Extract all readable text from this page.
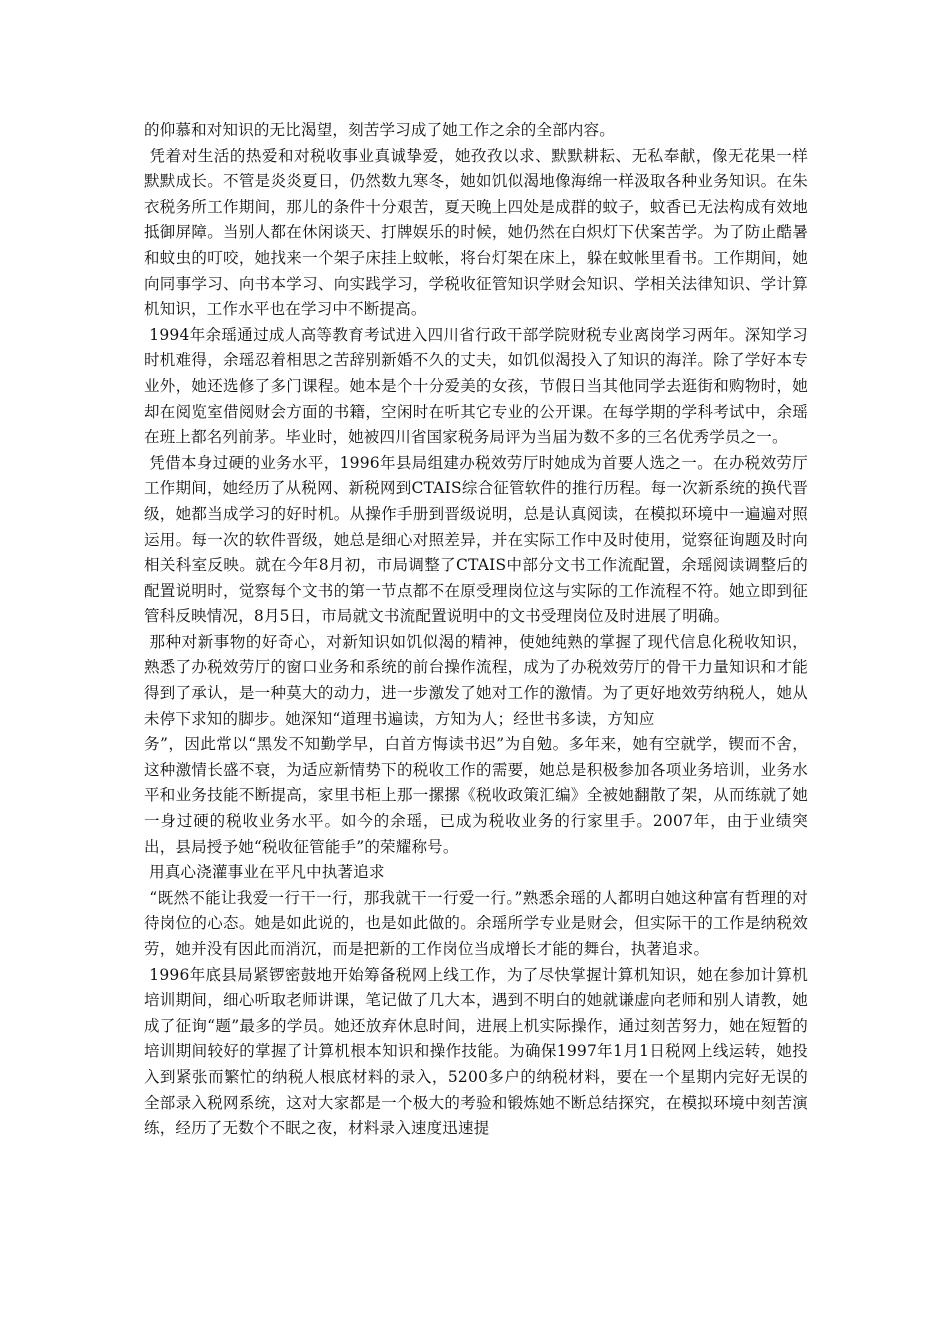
的仰慕和对知识的无比渴望，刻苦学习成了她工作之余的全部内容。

凭着对生活的热爱和对税收事业真诚挚爱，她孜孜以求、默默耕耘、无私奉献，像无花果一样默默成长。不管是炎炎夏日，仍然数九寒冬，她如饥似渴地像海绵一样汲取各种业务知识。在朱衣税务所工作期间，那儿的条件十分艰苦，夏天晚上四处是成群的蚊子，蚊香已无法构成有效地抵御屏障。当别人都在休闲谈天、打牌娱乐的时候，她仍然在白炽灯下伏案苦学。为了防止酷暑和蚊虫的叮咬，她找来一个架子床挂上蚊帐，将台灯架在床上，躲在蚊帐里看书。工作期间，她向同事学习、向书本学习、向实践学习，学税收征管知识学财会知识、学相关法律知识、学计算机知识，工作水平也在学习中不断提高。

1994年余瑶通过成人高等教育考试进入四川省行政干部学院财税专业离岗学习两年。深知学习时机难得，余瑶忍着相思之苦辞别新婚不久的丈夫，如饥似渴投入了知识的海洋。除了学好本专业外，她还选修了多门课程。她本是个十分爱美的女孩，节假日当其他同学去逛街和购物时，她却在阅览室借阅财会方面的书籍，空闲时在听其它专业的公开课。在每学期的学科考试中，余瑶在班上都名列前茅。毕业时，她被四川省国家税务局评为当届为数不多的三名优秀学员之一。

凭借本身过硬的业务水平，1996年县局组建办税效劳厅时她成为首要人选之一。在办税效劳厅工作期间，她经历了从税网、新税网到CTAIS综合征管软件的推行历程。每一次新系统的换代晋级，她都当成学习的好时机。从操作手册到晋级说明，总是认真阅读，在模拟环境中一遍遍对照运用。每一次的软件晋级，她总是细心对照差异，并在实际工作中及时使用，觉察征询题及时向相关科室反映。就在今年8月初，市局调整了CTAIS中部分文书工作流配置，余瑶阅读调整后的配置说明时，觉察每个文书的第一节点都不在原受理岗位这与实际的工作流程不符。她立即到征管科反映情况，8月5日，市局就文书流配置说明中的文书受理岗位及时进展了明确。

那种对新事物的好奇心，对新知识如饥似渴的精神，使她纯熟的掌握了现代信息化税收知识，熟悉了办税效劳厅的窗口业务和系统的前台操作流程，成为了办税效劳厅的骨干力量知识和才能得到了承认，是一种莫大的动力，进一步激发了她对工作的激情。为了更好地效劳纳税人，她从未停下求知的脚步。她深知“道理书遍读，方知为人；经世书多读，方知应

务”，因此常以“黑发不知勤学早，白首方悔读书迟”为自勉。多年来，她有空就学，锲而不舍，这种激情长盛不衰，为适应新情势下的税收工作的需要，她总是积极参加各项业务培训，业务水平和业务技能不断提高，家里书柜上那一摞摞《税收政策汇编》全被她翻散了架，从而练就了她一身过硬的税收业务水平。如今的余瑶，已成为税收业务的行家里手。2007年，由于业绩突出，县局授予她“税收征管能手”的荣耀称号。

用真心浇灌事业在平凡中执著追求

“既然不能让我爱一行干一行，那我就干一行爱一行。”熟悉余瑶的人都明白她这种富有哲理的对待岗位的心态。她是如此说的，也是如此做的。余瑶所学专业是财会，但实际干的工作是纳税效劳，她并没有因此而消沉，而是把新的工作岗位当成增长才能的舞台，执著追求。

1996年底县局紧锣密鼓地开始筹备税网上线工作，为了尽快掌握计算机知识，她在参加计算机培训期间，细心听取老师讲课，笔记做了几大本，遇到不明白的她就谦虚向老师和别人请教，她成了征询“题”最多的学员。她还放弃休息时间，进展上机实际操作，通过刻苦努力，她在短暂的培训期间较好的掌握了计算机根本知识和操作技能。为确保1997年1月1日税网上线运转，她投入到紧张而繁忙的纳税人根底材料的录入，5200多户的纳税材料，要在一个星期内完好无误的全部录入税网系统，这对大家都是一个极大的考验和锻炼她不断总结探究，在模拟环境中刻苦演练，经历了无数个不眠之夜，材料录入速度迅速提
